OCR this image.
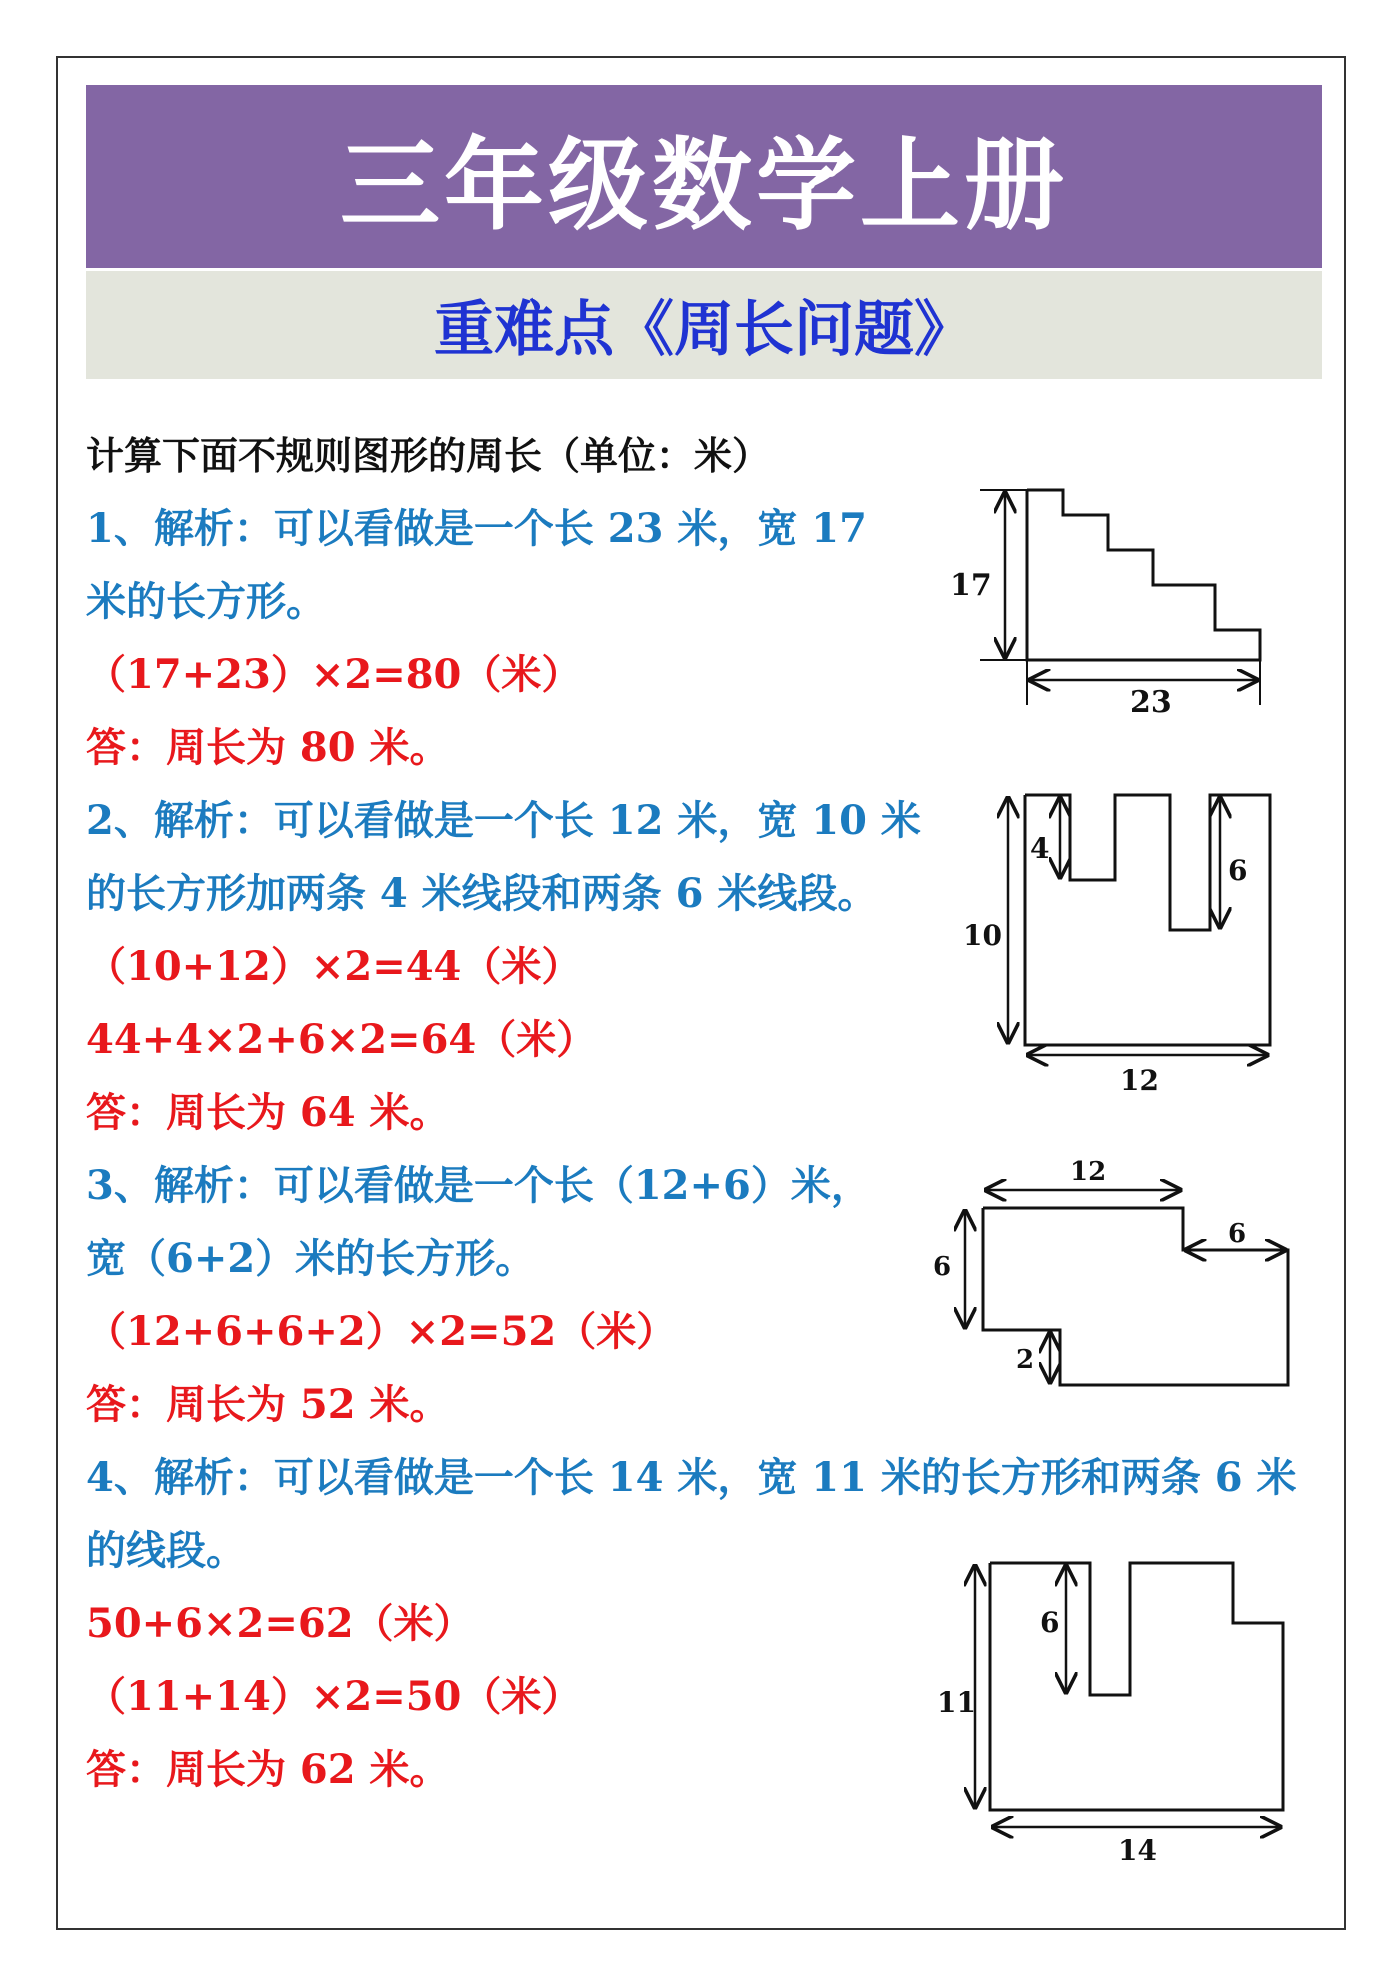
三年级数学上册
重难点《周长问题》
计算下面不规则图形的周长（单位：米）
1、解析：可以看做是一个长 23 米，宽 17
米的长方形。
（17+23）×2=80（米）
答：周长为 80 米。
2、解析：可以看做是一个长 12 米，宽 10 米
的长方形加两条 4 米线段和两条 6 米线段。
（10+12）×2=44（米）
44+4×2+6×2=64（米）
答：周长为 64 米。
3、解析：可以看做是一个长（12+6）米，
宽（6+2）米的长方形。
（12+6+6+2）×2=52（米）
答：周长为 52 米。
4、解析：可以看做是一个长 14 米，宽 11 米的长方形和两条 6 米
的线段。
50+6×2=62（米）
（11+14）×2=50（米）
答：周长为 62 米。
17
23
4
6
10
12
12
6
6
2
6
11
14
